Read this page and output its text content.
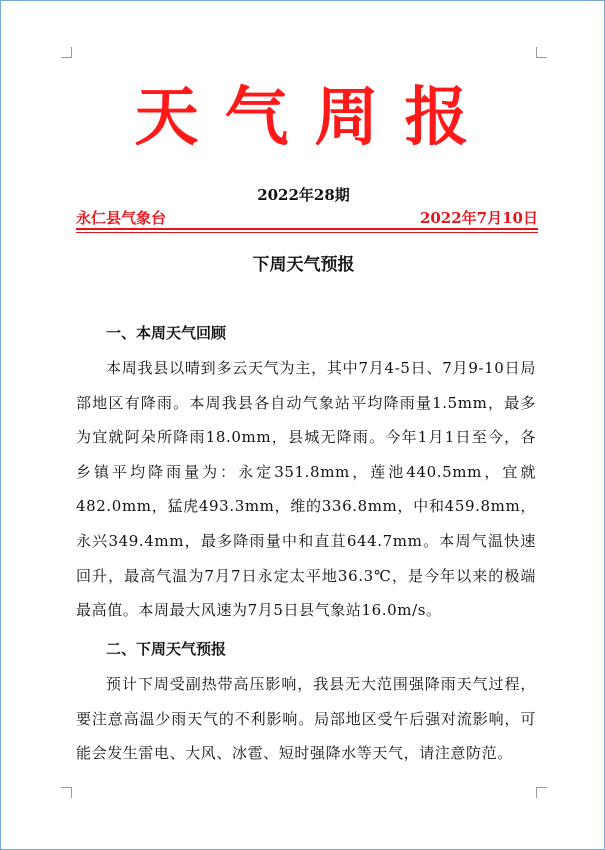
天气周报
2022年28期
永仁县气象台	2022年7月10日
下周天气预报
一、本周天气回顾

本周我县以晴到多云天气为主，其中7月4-5日、7月9-10日局部地区有降雨。本周我县各自动气象站平均降雨量1.5mm，最多为宜就阿朵所降雨18.0mm，县城无降雨。今年1月1日至今，各乡镇平均降雨量为：永定351.8mm，莲池440.5mm，宜就482.0mm，猛虎493.3mm，维的336.8mm，中和459.8mm，永兴349.4mm，最多降雨量中和直苴644.7mm。本周气温快速回升，最高气温为7月7日永定太平地36.3℃，是今年以来的极端最高值。本周最大风速为7月5日县气象站16.0m/s。

二、下周天气预报

预计下周受副热带高压影响，我县无大范围强降雨天气过程，要注意高温少雨天气的不利影响。局部地区受午后强对流影响，可能会发生雷电、大风、冰雹、短时强降水等天气，请注意防范。
